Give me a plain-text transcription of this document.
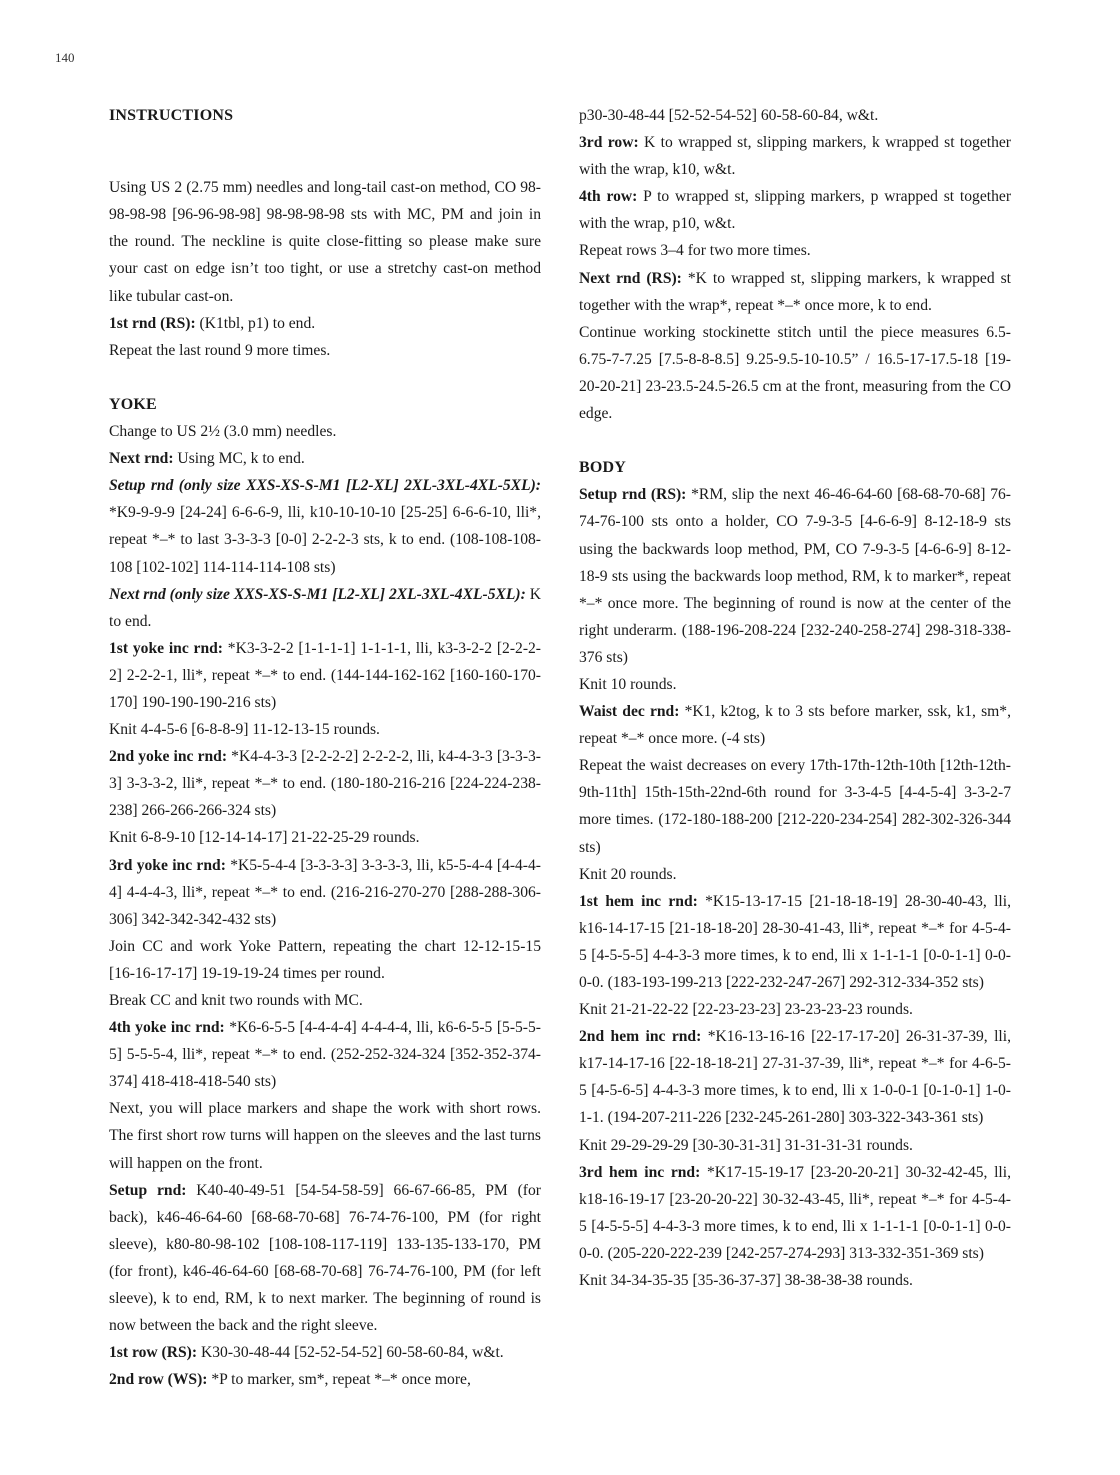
140
INSTRUCTIONS

Using US 2 (2.75 mm) needles and long-tail cast-on method, CO 98-98-98-98 [96-96-98-98] 98-98-98-98 sts with MC, PM and join in the round. The neckline is quite close-fitting so please make sure your cast on edge isn’t too tight, or use a stretchy cast-on method like tubular cast-on.

1st rnd (RS): (K1tbl, p1) to end.

Repeat the last round 9 more times.

YOKE

Change to US 2½ (3.0 mm) needles.

Next rnd: Using MC, k to end.

Setup rnd (only size XXS-XS-S-M1 [L2-XL] 2XL-3XL-4XL-5XL): *K9-9-9-9 [24-24] 6-6-6-9, lli, k10-10-10-10 [25-25] 6-6-6-10, lli*, repeat *–* to last 3-3-3-3 [0-0] 2-2-2-3 sts, k to end. (108-108-108-108 [102-102] 114-114-114-108 sts)

Next rnd (only size XXS-XS-S-M1 [L2-XL] 2XL-3XL-4XL-5XL): K to end.

1st yoke inc rnd: *K3-3-2-2 [1-1-1-1] 1-1-1-1, lli, k3-3-2-2 [2-2-2-2] 2-2-2-1, lli*, repeat *–* to end. (144-144-162-162 [160-160-170-170] 190-190-190-216 sts)

Knit 4-4-5-6 [6-8-8-9] 11-12-13-15 rounds.

2nd yoke inc rnd: *K4-4-3-3 [2-2-2-2] 2-2-2-2, lli, k4-4-3-3 [3-3-3-3] 3-3-3-2, lli*, repeat *–* to end. (180-180-216-216 [224-224-238-238] 266-266-266-324 sts)

Knit 6-8-9-10 [12-14-14-17] 21-22-25-29 rounds.

3rd yoke inc rnd: *K5-5-4-4 [3-3-3-3] 3-3-3-3, lli, k5-5-4-4 [4-4-4-4] 4-4-4-3, lli*, repeat *–* to end. (216-216-270-270 [288-288-306-306] 342-342-342-432 sts)

Join CC and work Yoke Pattern, repeating the chart 12-12-15-15 [16-16-17-17] 19-19-19-24 times per round.

Break CC and knit two rounds with MC.

4th yoke inc rnd: *K6-6-5-5 [4-4-4-4] 4-4-4-4, lli, k6-6-5-5 [5-5-5-5] 5-5-5-4, lli*, repeat *–* to end. (252-252-324-324 [352-352-374-374] 418-418-418-540 sts)

Next, you will place markers and shape the work with short rows. The first short row turns will happen on the sleeves and the last turns will happen on the front.

Setup rnd: K40-40-49-51 [54-54-58-59] 66-67-66-85, PM (for back), k46-46-64-60 [68-68-70-68] 76-74-76-100, PM (for right sleeve), k80-80-98-102 [108-108-117-119] 133-135-133-170, PM (for front), k46-46-64-60 [68-68-70-68] 76-74-76-100, PM (for left sleeve), k to end, RM, k to next marker. The beginning of round is now between the back and the right sleeve.

1st row (RS): K30-30-48-44 [52-52-54-52] 60-58-60-84, w&t.

2nd row (WS): *P to marker, sm*, repeat *–* once more,

p30-30-48-44 [52-52-54-52] 60-58-60-84, w&t.

3rd row: K to wrapped st, slipping markers, k wrapped st together with the wrap, k10, w&t.

4th row: P to wrapped st, slipping markers, p wrapped st together with the wrap, p10, w&t.

Repeat rows 3–4 for two more times.

Next rnd (RS): *K to wrapped st, slipping markers, k wrapped st together with the wrap*, repeat *–* once more, k to end.

Continue working stockinette stitch until the piece measures 6.5-6.75-7-7.25 [7.5-8-8-8.5] 9.25-9.5-10-10.5” / 16.5-17-17.5-18 [19-20-20-21] 23-23.5-24.5-26.5 cm at the front, measuring from the CO edge.

BODY

Setup rnd (RS): *RM, slip the next 46-46-64-60 [68-68-70-68] 76-74-76-100 sts onto a holder, CO 7-9-3-5 [4-6-6-9] 8-12-18-9 sts using the backwards loop method, PM, CO 7-9-3-5 [4-6-6-9] 8-12-18-9 sts using the backwards loop method, RM, k to marker*, repeat *–* once more. The beginning of round is now at the center of the right underarm. (188-196-208-224 [232-240-258-274] 298-318-338-376 sts)

Knit 10 rounds.

Waist dec rnd: *K1, k2tog, k to 3 sts before marker, ssk, k1, sm*, repeat *–* once more. (-4 sts)

Repeat the waist decreases on every 17th-17th-12th-10th [12th-12th-9th-11th] 15th-15th-22nd-6th round for 3-3-4-5 [4-4-5-4] 3-3-2-7 more times. (172-180-188-200 [212-220-234-254] 282-302-326-344 sts)

Knit 20 rounds.

1st hem inc rnd: *K15-13-17-15 [21-18-18-19] 28-30-40-43, lli, k16-14-17-15 [21-18-18-20] 28-30-41-43, lli*, repeat *–* for 4-5-4-5 [4-5-5-5] 4-4-3-3 more times, k to end, lli x 1-1-1-1 [0-0-1-1] 0-0-0-0. (183-193-199-213 [222-232-247-267] 292-312-334-352 sts)

Knit 21-21-22-22 [22-23-23-23] 23-23-23-23 rounds.

2nd hem inc rnd: *K16-13-16-16 [22-17-17-20] 26-31-37-39, lli, k17-14-17-16 [22-18-18-21] 27-31-37-39, lli*, repeat *–* for 4-6-5-5 [4-5-6-5] 4-4-3-3 more times, k to end, lli x 1-0-0-1 [0-1-0-1] 1-0-1-1. (194-207-211-226 [232-245-261-280] 303-322-343-361 sts)

Knit 29-29-29-29 [30-30-31-31] 31-31-31-31 rounds.

3rd hem inc rnd: *K17-15-19-17 [23-20-20-21] 30-32-42-45, lli, k18-16-19-17 [23-20-20-22] 30-32-43-45, lli*, repeat *–* for 4-5-4-5 [4-5-5-5] 4-4-3-3 more times, k to end, lli x 1-1-1-1 [0-0-1-1] 0-0-0-0. (205-220-222-239 [242-257-274-293] 313-332-351-369 sts)

Knit 34-34-35-35 [35-36-37-37] 38-38-38-38 rounds.
